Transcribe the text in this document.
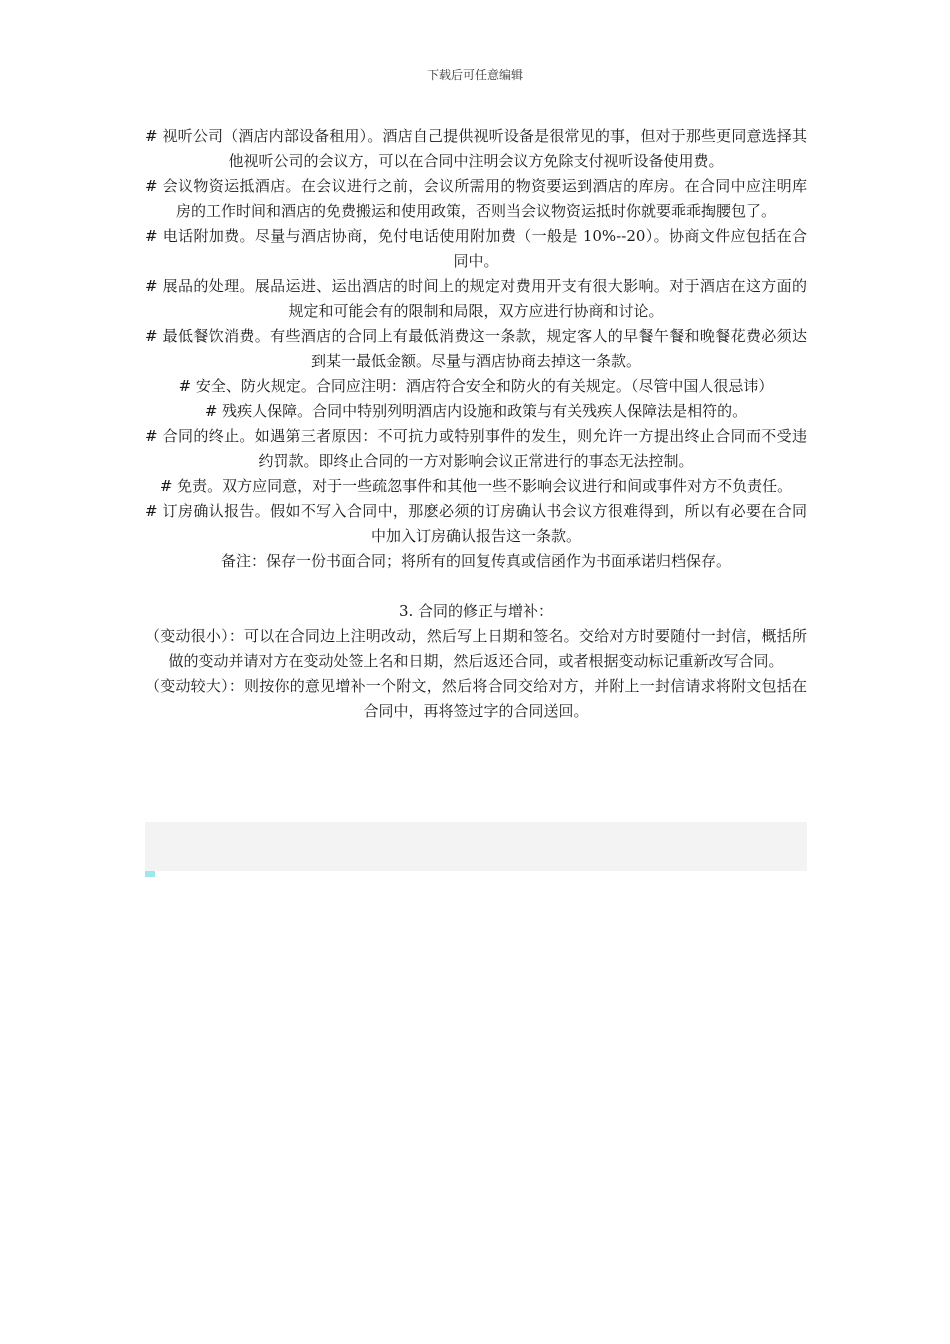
下载后可任意编辑

# 视听公司（酒店内部设备租用）。酒店自己提供视听设备是很常见的事，但对于那些更同意选择其他视听公司的会议方，可以在合同中注明会议方免除支付视听设备使用费。

# 会议物资运抵酒店。在会议进行之前，会议所需用的物资要运到酒店的库房。在合同中应注明库房的工作时间和酒店的免费搬运和使用政策，否则当会议物资运抵时你就要乖乖掏腰包了。

# 电话附加费。尽量与酒店协商，免付电话使用附加费（一般是 10%--20）。协商文件应包括在合同中。

# 展品的处理。展品运进、运出酒店的时间上的规定对费用开支有很大影响。对于酒店在这方面的规定和可能会有的限制和局限，双方应进行协商和讨论。

# 最低餐饮消费。有些酒店的合同上有最低消费这一条款，规定客人的早餐午餐和晚餐花费必须达到某一最低金额。尽量与酒店协商去掉这一条款。

# 安全、防火规定。合同应注明：酒店符合安全和防火的有关规定。（尽管中国人很忌讳）

# 残疾人保障。合同中特别列明酒店内设施和政策与有关残疾人保障法是相符的。

# 合同的终止。如遇第三者原因：不可抗力或特别事件的发生，则允许一方提出终止合同而不受违约罚款。即终止合同的一方对影响会议正常进行的事态无法控制。

# 免责。双方应同意，对于一些疏忽事件和其他一些不影响会议进行和间或事件对方不负责任。

# 订房确认报告。假如不写入合同中，那麽必须的订房确认书会议方很难得到，所以有必要在合同中加入订房确认报告这一条款。

备注：保存一份书面合同；将所有的回复传真或信函作为书面承诺归档保存。

3. 合同的修正与增补：

（变动很小）：可以在合同边上注明改动，然后写上日期和签名。交给对方时要随付一封信，概括所做的变动并请对方在变动处签上名和日期，然后返还合同，或者根据变动标记重新改写合同。

（变动较大）：则按你的意见增补一个附文，然后将合同交给对方，并附上一封信请求将附文包括在合同中，再将签过字的合同送回。
